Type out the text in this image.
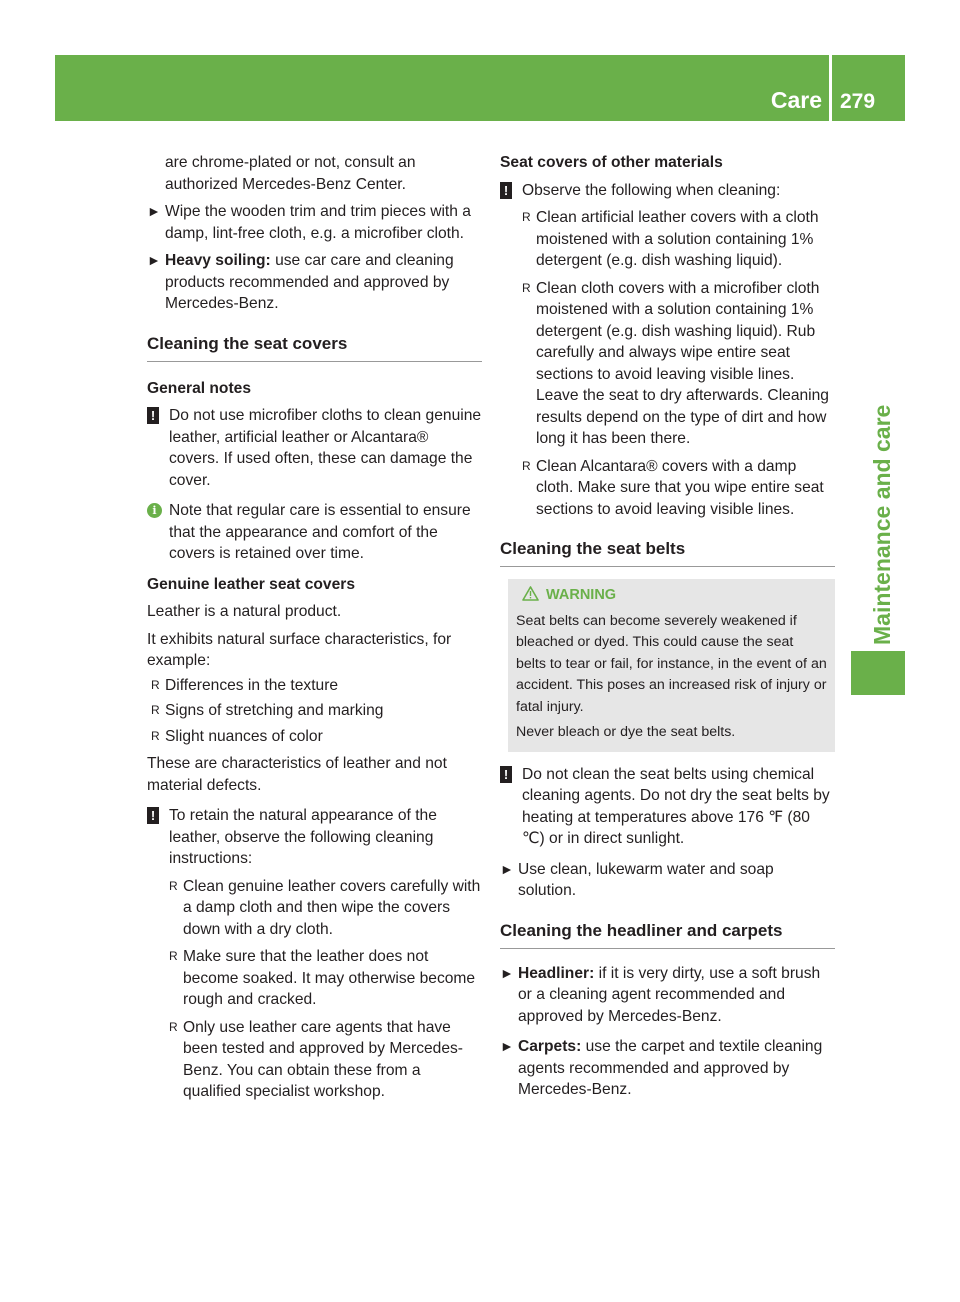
Care 279
Maintenance and care

are chrome-plated or not, consult an authorized Mercedes-Benz Center.

► Wipe the wooden trim and trim pieces with a damp, lint-free cloth, e.g. a microfiber cloth.
► Heavy soiling: use car care and cleaning products recommended and approved by Mercedes-Benz.
Cleaning the seat covers
General notes
! Do not use microfiber cloths to clean genuine leather, artificial leather or Alcantara® covers. If used often, these can damage the cover.
i Note that regular care is essential to ensure that the appearance and comfort of the covers is retained over time.
Genuine leather seat covers

Leather is a natural product.

It exhibits natural surface characteristics, for example:

R Differences in the texture
R Signs of stretching and marking
R Slight nuances of color

These are characteristics of leather and not material defects.

! To retain the natural appearance of the leather, observe the following cleaning instructions:
R Clean genuine leather covers carefully with a damp cloth and then wipe the covers down with a dry cloth.
R Make sure that the leather does not become soaked. It may otherwise become rough and cracked.
R Only use leather care agents that have been tested and approved by Mercedes-Benz. You can obtain these from a qualified specialist workshop.
Seat covers of other materials
! Observe the following when cleaning:
R Clean artificial leather covers with a cloth moistened with a solution containing 1% detergent (e.g. dish washing liquid).
R Clean cloth covers with a microfiber cloth moistened with a solution containing 1% detergent (e.g. dish washing liquid). Rub carefully and always wipe entire seat sections to avoid leaving visible lines. Leave the seat to dry afterwards. Cleaning results depend on the type of dirt and how long it has been there.
R Clean Alcantara® covers with a damp cloth. Make sure that you wipe entire seat sections to avoid leaving visible lines.
Cleaning the seat belts
WARNING

Seat belts can become severely weakened if bleached or dyed. This could cause the seat belts to tear or fail, for instance, in the event of an accident. This poses an increased risk of injury or fatal injury.

Never bleach or dye the seat belts.

! Do not clean the seat belts using chemical cleaning agents. Do not dry the seat belts by heating at temperatures above 176 ℉ (80 ℃) or in direct sunlight.
► Use clean, lukewarm water and soap solution.
Cleaning the headliner and carpets
► Headliner: if it is very dirty, use a soft brush or a cleaning agent recommended and approved by Mercedes-Benz.
► Carpets: use the carpet and textile cleaning agents recommended and approved by Mercedes-Benz.
